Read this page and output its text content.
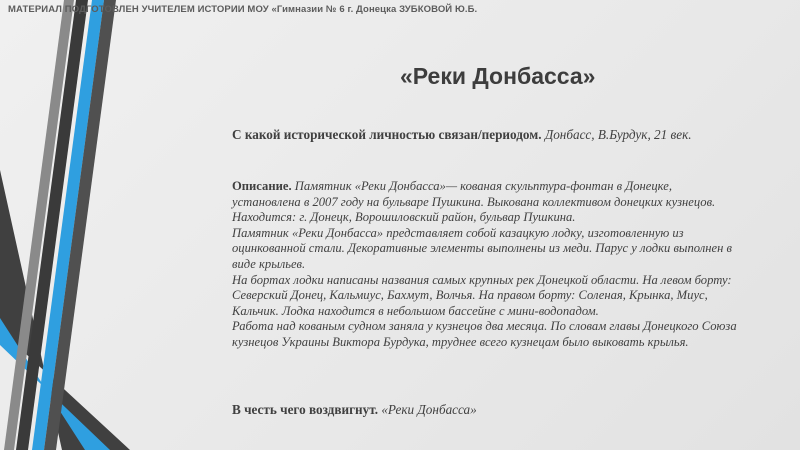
МАТЕРИАЛ ПОДГОТОВЛЕН УЧИТЕЛЕМ ИСТОРИИ МОУ «Гимназии № 6 г. Донецка ЗУБКОВОЙ Ю.Б.
«Реки Донбасса»
С какой исторической личностью связан/периодом. Донбасс, В.Бурдук, 21 век.
Описание. Памятник «Реки Донбасса»— кованая скульптура-фонтан в Донецке,
установлена в 2007 году на бульваре Пушкина. Выкована коллективом донецких кузнецов.
Находится: г. Донецк, Ворошиловский район, бульвар Пушкина.
Памятник «Реки Донбасса» представляет собой казацкую лодку, изготовленную из
оцинкованной стали. Декоративные элементы выполнены из меди. Парус у лодки выполнен в
виде крыльев.
На бортах лодки написаны названия самых крупных рек Донецкой области. На левом борту:
Северский Донец, Кальмиус, Бахмут, Волчья. На правом борту: Соленая, Крынка, Миус,
Кальчик. Лодка находится в небольшом бассейне с мини-водопадом.
Работа над кованым судном заняла у кузнецов два месяца. По словам главы Донецкого Союза
кузнецов Украины Виктора Бурдука, труднее всего кузнецам было выковать крылья.
В честь чего воздвигнут. «Реки Донбасса»
